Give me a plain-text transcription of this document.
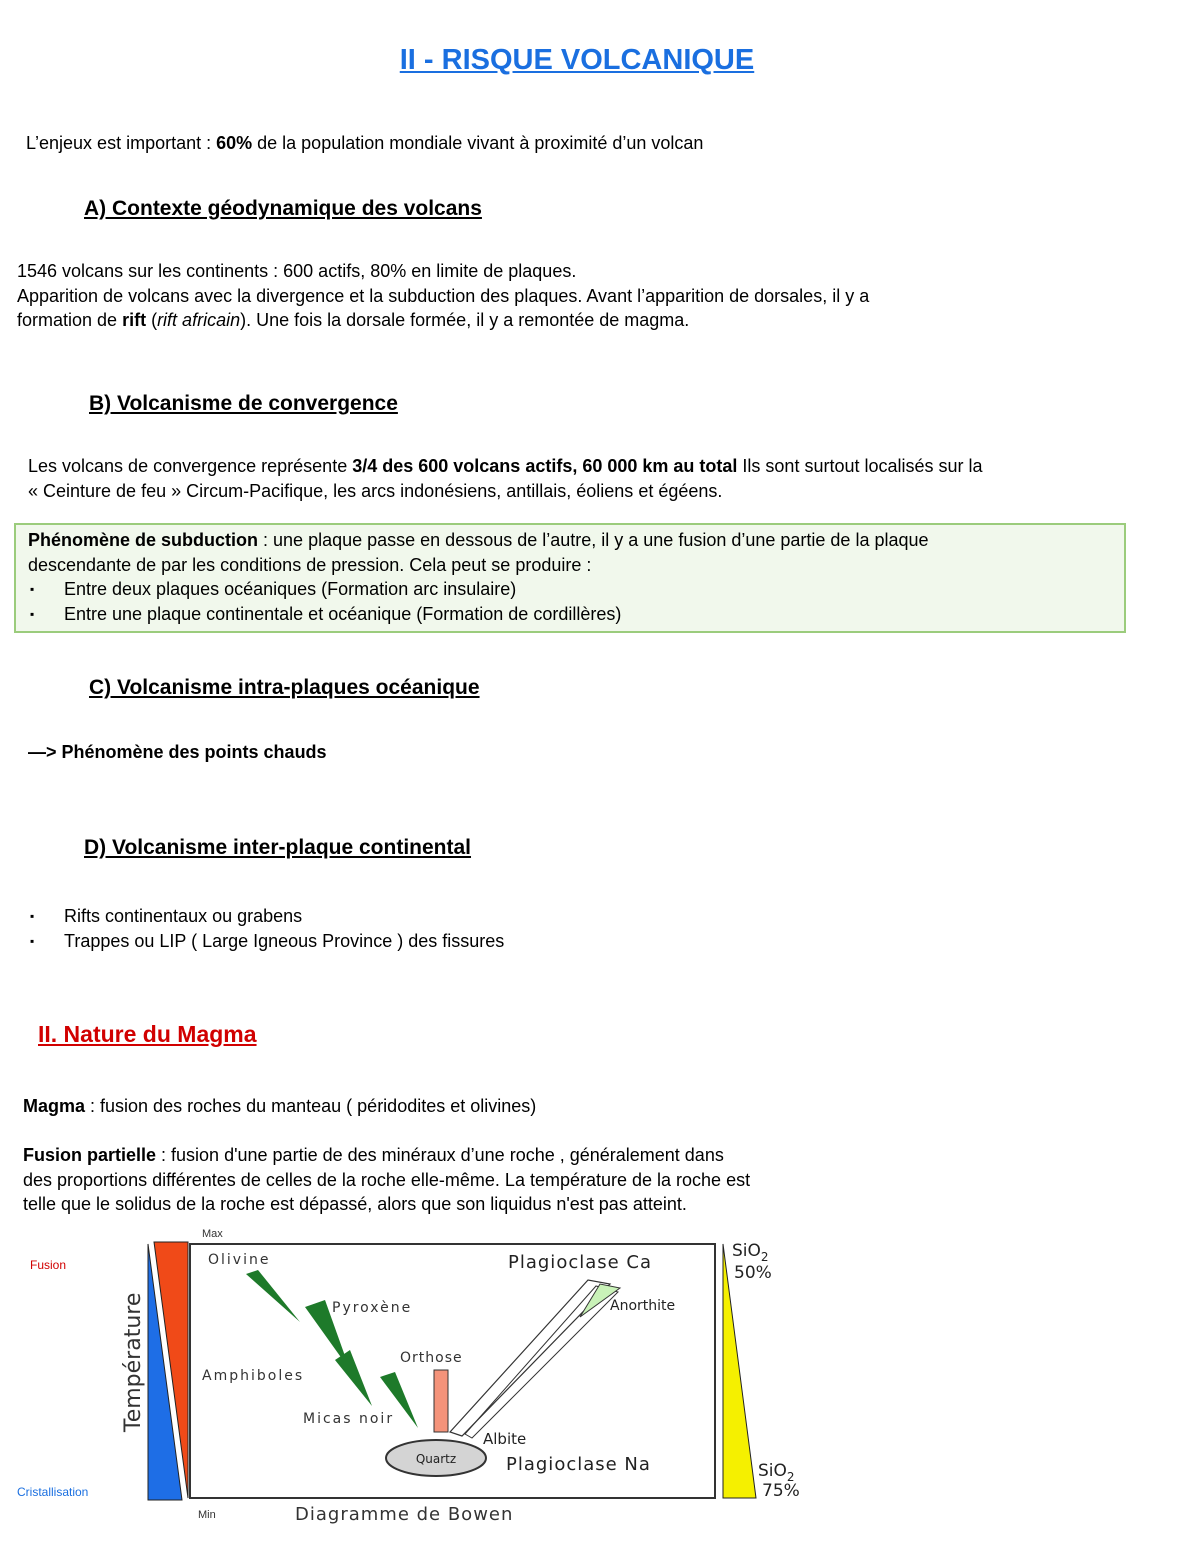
II - RISQUE VOLCANIQUE
L’enjeux est important : 60% de la population mondiale vivant à proximité d’un volcan
A) Contexte géodynamique des volcans
1546 volcans sur les continents : 600 actifs, 80% en limite de plaques.
Apparition de volcans avec la divergence et la subduction des plaques. Avant l’apparition de dorsales, il y a
formation de rift (rift africain). Une fois la dorsale formée, il y a remontée de magma.
B) Volcanisme de convergence
Les volcans de convergence représente 3/4 des 600 volcans actifs, 60 000 km au total Ils sont surtout localisés sur la
« Ceinture de feu » Circum-Pacifique, les arcs indonésiens, antillais, éoliens et égéens.
Phénomène de subduction : une plaque passe en dessous de l’autre, il y a une fusion d’une partie de la plaque
descendante de par les conditions de pression. Cela peut se produire :
▪	Entre deux plaques océaniques (Formation arc insulaire)
▪	Entre une plaque continentale et océanique (Formation de cordillères)
C) Volcanisme intra-plaques océanique
—> Phénomène des points chauds
D) Volcanisme inter-plaque continental
▪	Rifts continentaux ou grabens
▪	Trappes ou LIP ( Large Igneous Province ) des fissures
II. Nature du Magma
Magma : fusion des roches du manteau ( péridodites et olivines)
Fusion partielle : fusion d'une partie de des minéraux d’une roche , généralement dans
des proportions différentes de celles de la roche elle-même. La température de la roche est
telle que le solidus de la roche est dépassé, alors que son liquidus n'est pas atteint.
Fusion
Cristallisation
Max
Min
Température
Olivine
Pyroxène
Amphiboles
Micas noir
Orthose
Quartz
Plagioclase Ca
Anorthite
Albite
Plagioclase Na
SiO$_2$
50%
SiO$_2$
75%
Diagramme de Bowen
